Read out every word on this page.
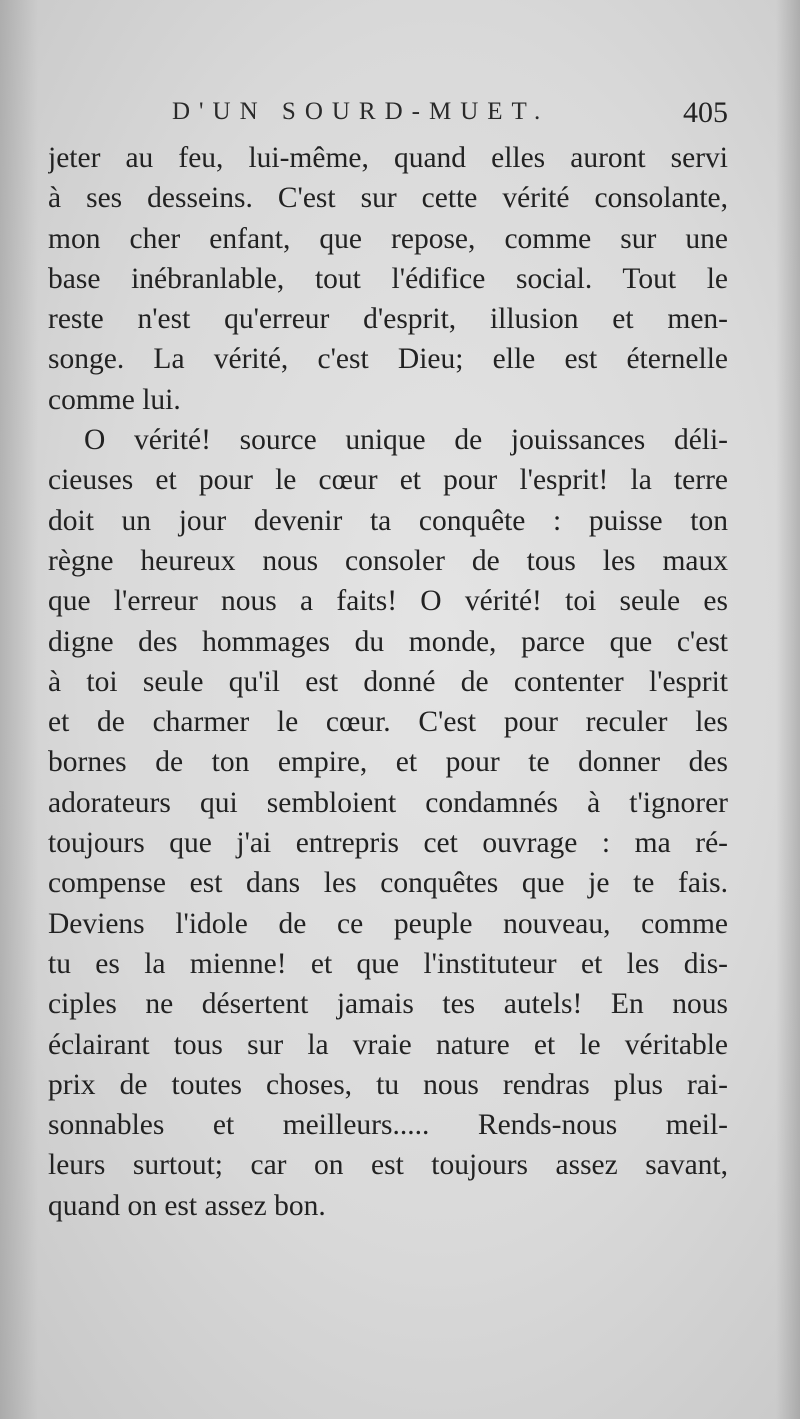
D'UN SOURD-MUET.	405
jeter au feu, lui-même, quand elles auront servi
à ses desseins. C'est sur cette vérité consolante,
mon cher enfant, que repose, comme sur une
base inébranlable, tout l'édifice social. Tout le
reste n'est qu'erreur d'esprit, illusion et men-
songe. La vérité, c'est Dieu; elle est éternelle
comme lui.
O vérité! source unique de jouissances déli-
cieuses et pour le cœur et pour l'esprit! la terre
doit un jour devenir ta conquête : puisse ton
règne heureux nous consoler de tous les maux
que l'erreur nous a faits! O vérité! toi seule es
digne des hommages du monde, parce que c'est
à toi seule qu'il est donné de contenter l'esprit
et de charmer le cœur. C'est pour reculer les
bornes de ton empire, et pour te donner des
adorateurs qui sembloient condamnés à t'ignorer
toujours que j'ai entrepris cet ouvrage : ma ré-
compense est dans les conquêtes que je te fais.
Deviens l'idole de ce peuple nouveau, comme
tu es la mienne! et que l'instituteur et les dis-
ciples ne désertent jamais tes autels! En nous
éclairant tous sur la vraie nature et le véritable
prix de toutes choses, tu nous rendras plus rai-
sonnables et meilleurs..... Rends-nous meil-
leurs surtout; car on est toujours assez savant,
quand on est assez bon.
